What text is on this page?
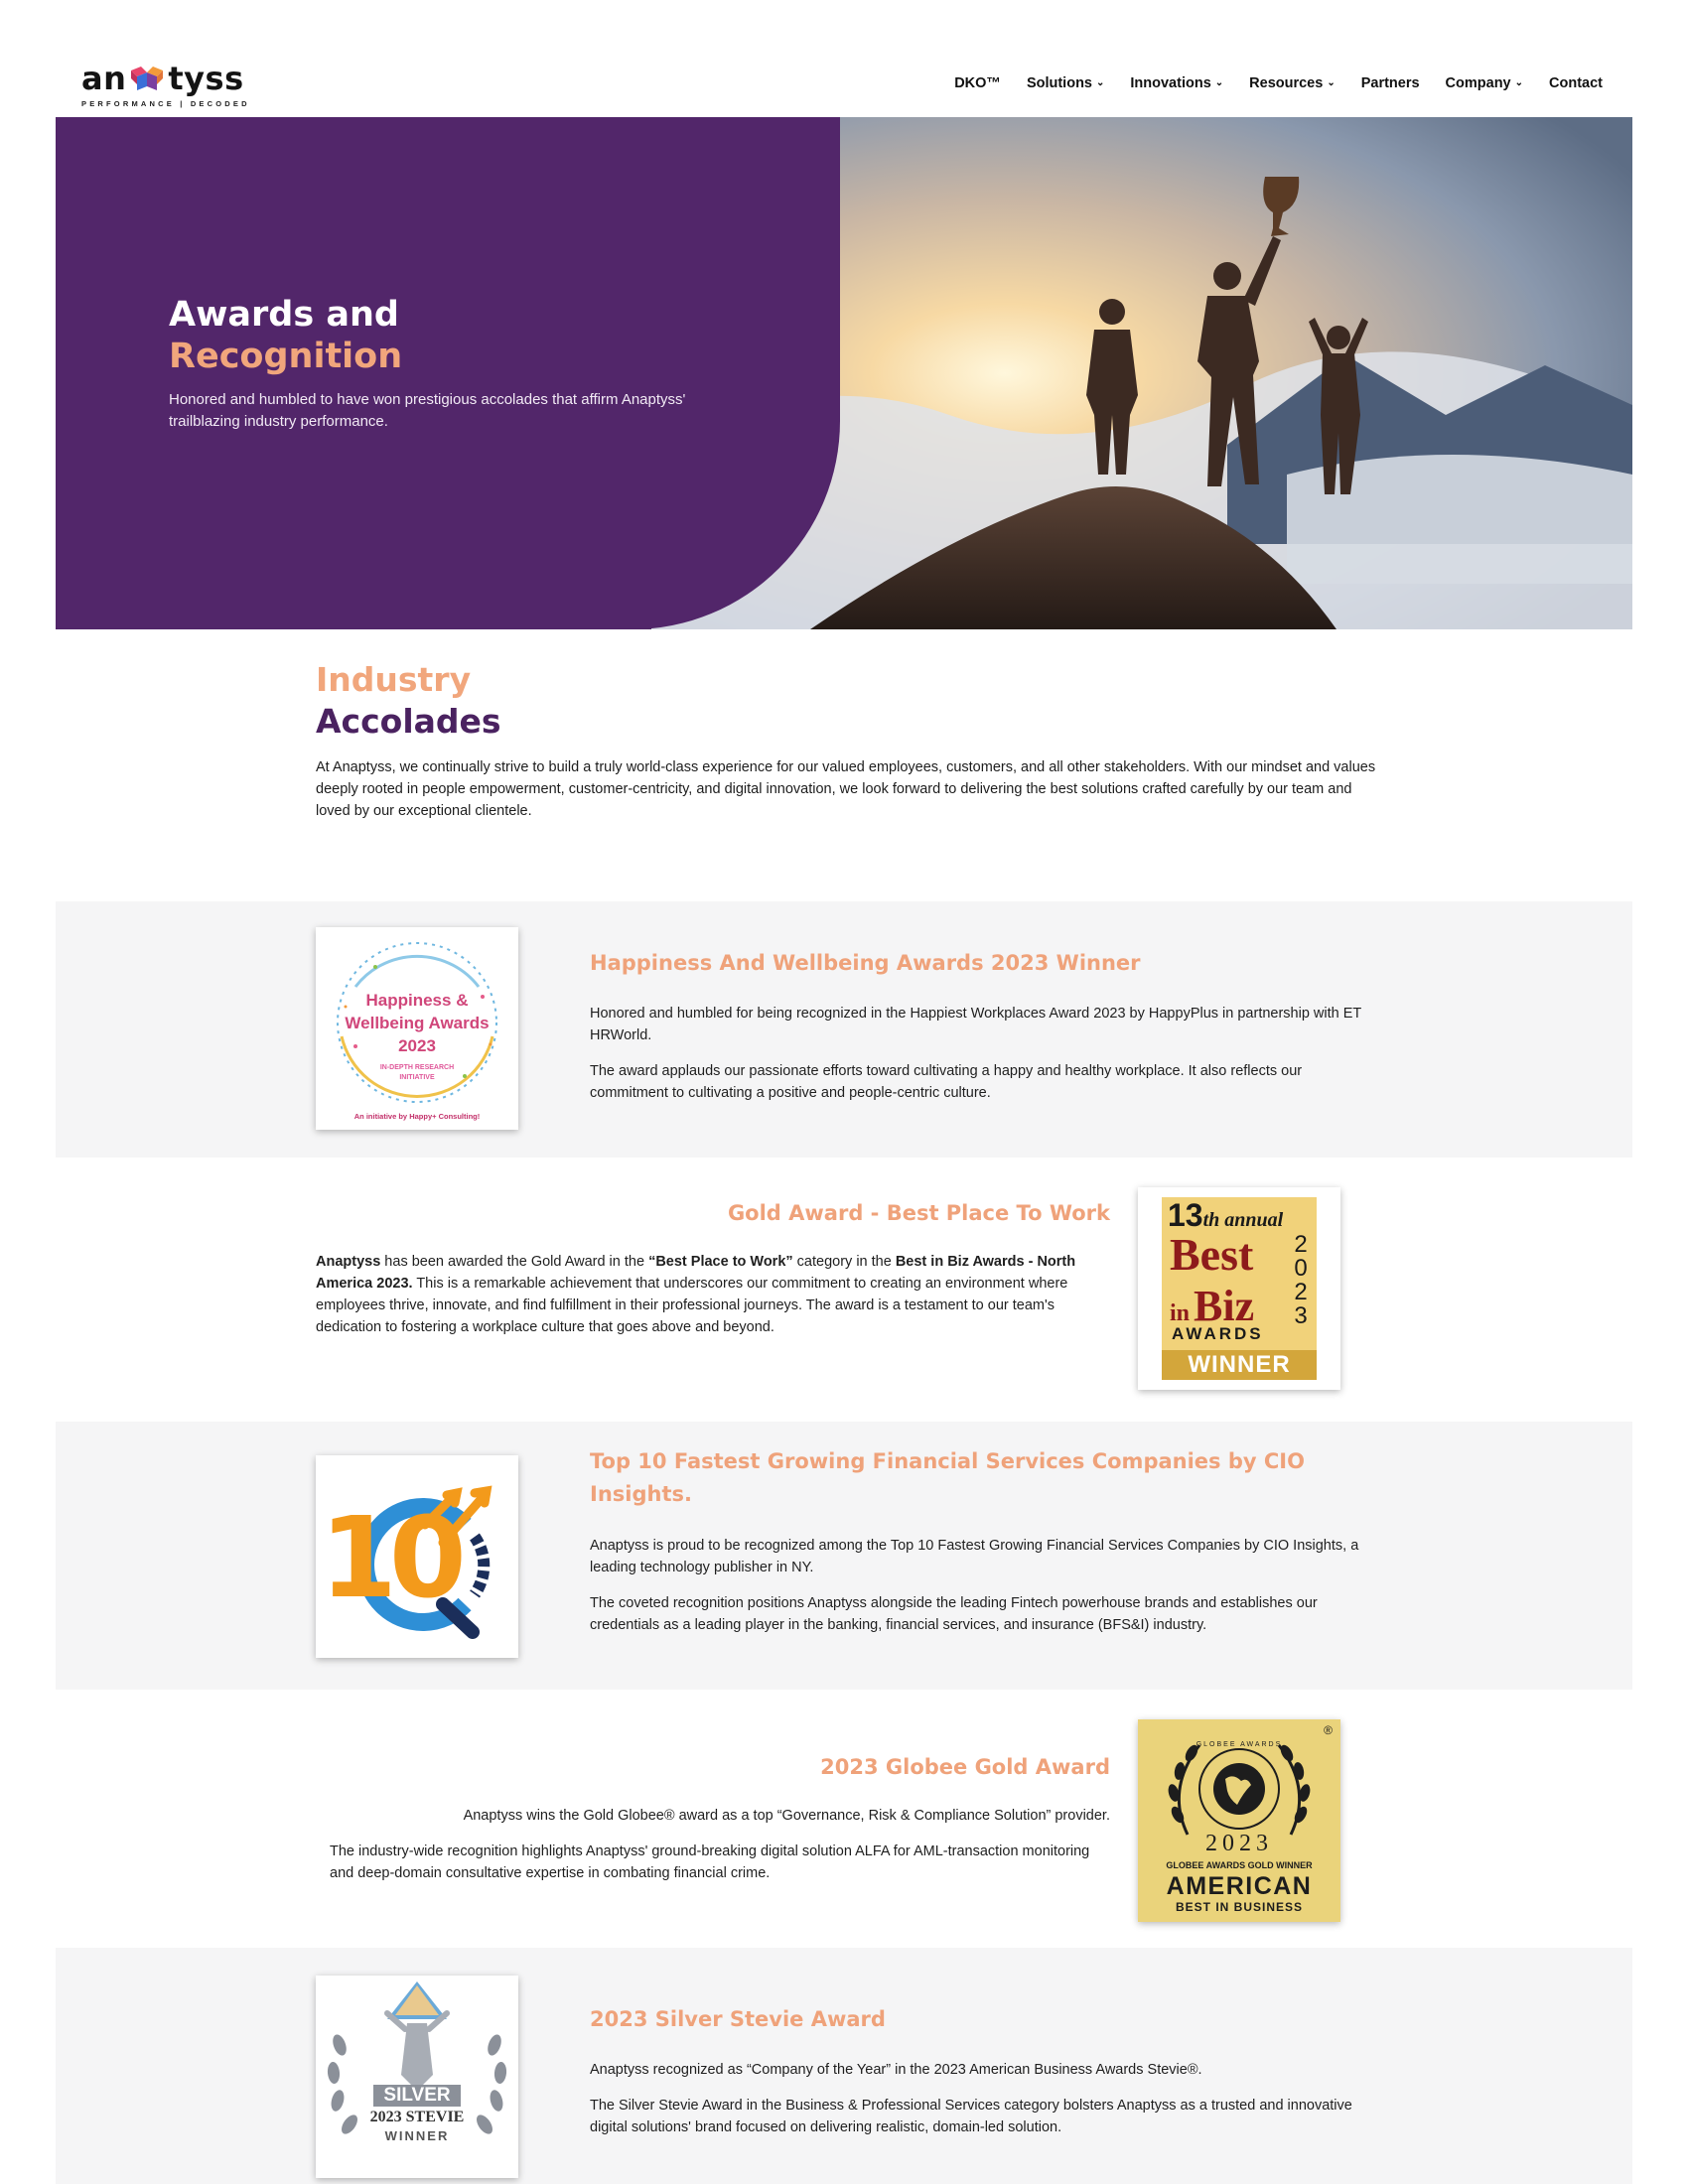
an tyss
PERFORMANCE | DECODED
DKO™ Solutions ⌄ Innovations ⌄ Resources ⌄ Partners Company ⌄ Contact
Awards and
Recognition

Honored and humbled to have won prestigious accolades that affirm Anaptyss' trailblazing industry performance.

Industry
Accolades

At Anaptyss, we continually strive to build a truly world-class experience for our valued employees, customers, and all other stakeholders. With our mindset and values deeply rooted in people empowerment, customer-centricity, and digital innovation, we look forward to delivering the best solutions crafted carefully by our team and loved by our exceptional clientele.

Happiness &
Wellbeing Awards
2023
IN-DEPTH RESEARCH
INITIATIVE
An initiative by Happy+ Consulting!
Happiness And Wellbeing Awards 2023 Winner

Honored and humbled for being recognized in the Happiest Workplaces Award 2023 by HappyPlus in partnership with ET HRWorld.

The award applauds our passionate efforts toward cultivating a happy and healthy workplace. It also reflects our commitment to cultivating a positive and people-centric culture.

13th annual
Best
in Biz
AWARDS
2
0
2
3
WINNER
Gold Award - Best Place To Work

Anaptyss has been awarded the Gold Award in the “Best Place to Work” category in the Best in Biz Awards - North America 2023. This is a remarkable achievement that underscores our commitment to creating an environment where employees thrive, innovate, and find fulfillment in their professional journeys. The award is a testament to our team's dedication to fostering a workplace culture that goes above and beyond.

10
Top 10 Fastest Growing Financial Services Companies by CIO
Insights.

Anaptyss is proud to be recognized among the Top 10 Fastest Growing Financial Services Companies by CIO Insights, a leading technology publisher in NY.

The coveted recognition positions Anaptyss alongside the leading Fintech powerhouse brands and establishes our credentials as a leading player in the banking, financial services, and insurance (BFS&I) industry.

®
GLOBEE AWARDS
2023
GLOBEE AWARDS GOLD WINNER
AMERICAN
BEST IN BUSINESS
2023 Globee Gold Award

Anaptyss wins the Gold Globee® award as a top “Governance, Risk & Compliance Solution” provider.

The industry-wide recognition highlights Anaptyss' ground-breaking digital solution ALFA for AML-transaction monitoring and deep-domain consultative expertise in combating financial crime.

SILVER
2023 STEVIE
WINNER
2023 Silver Stevie Award

Anaptyss recognized as “Company of the Year” in the 2023 American Business Awards Stevie®.

The Silver Stevie Award in the Business & Professional Services category bolsters Anaptyss as a trusted and innovative digital solutions' brand focused on delivering realistic, domain-led solution.
